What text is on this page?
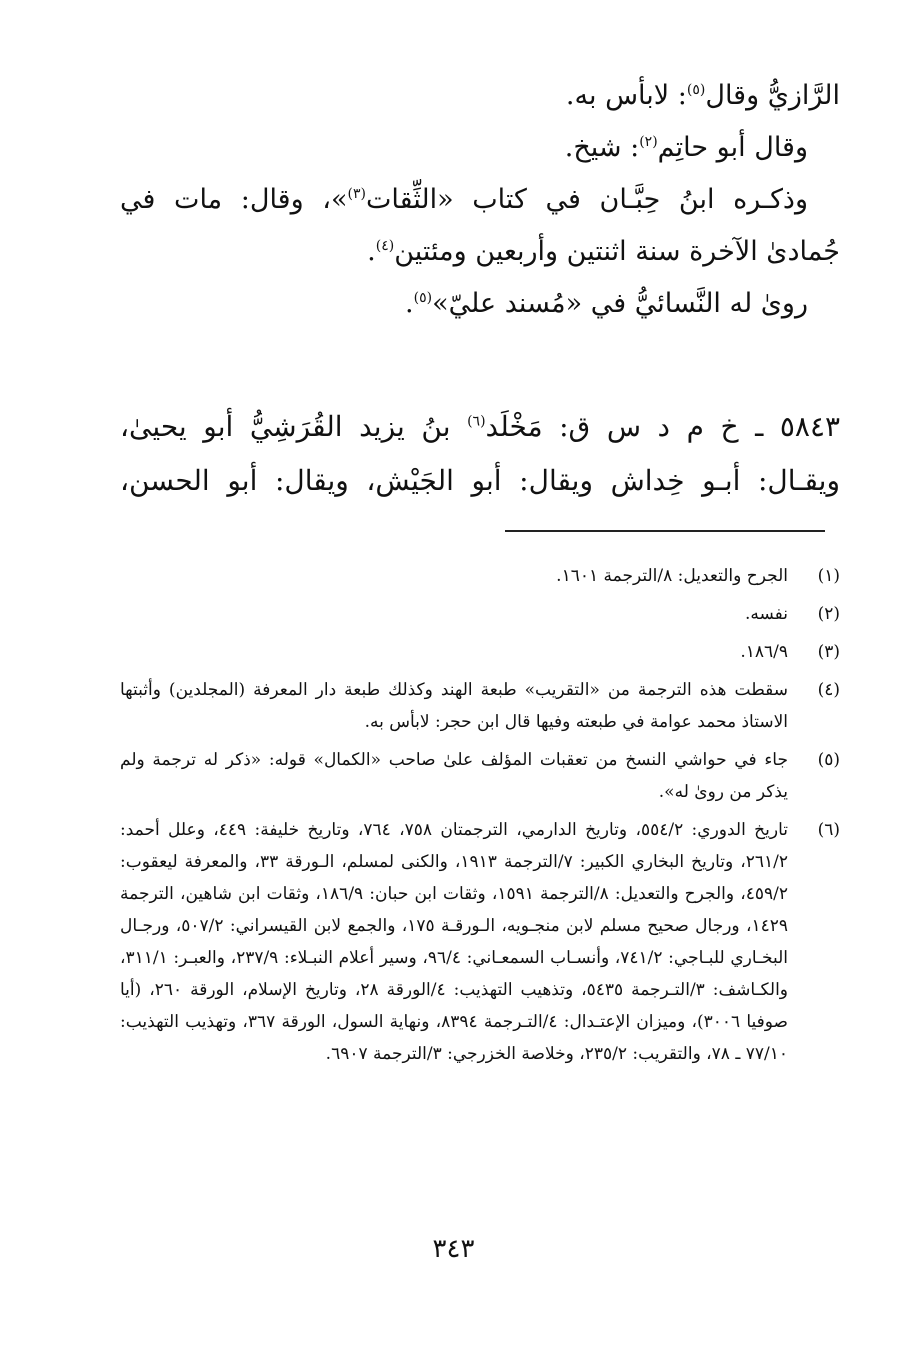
الرَّازيُّ وقال$^{(٥)}$: لابأس به.

وقال أبو حاتِم$^{(٢)}$: شيخ.

وذكـره ابنُ حِبَّـان في كتاب «الثِّقات$^{(٣)}$»، وقال: مات في

جُمادىٰ الآخرة سنة اثنتين وأربعين ومئتين$^{(٤)}$.

روىٰ له النَّسائيُّ في «مُسند عليّ»$^{(٥)}$.

٥٨٤٣ ـ خ م د س ق: مَخْلَد$^{(٦)}$ بنُ يزيد القُرَشِيُّ أبو يحيىٰ،

ويقـال: أبـو خِداش ويقال: أبو الجَيْش، ويقال: أبو الحسن،

(١)
الجرح والتعديل: ٨/الترجمة ١٦٠١.
(٢)
نفسه.
(٣)
١٨٦/٩.
(٤)
سقطت هذه الترجمة من «التقريب» طبعة الهند وكذلك طبعة دار المعرفة (المجلدين) وأثبتها الاستاذ محمد عوامة في طبعته وفيها قال ابن حجر: لابأس به.
(٥)
جاء في حواشي النسخ من تعقبات المؤلف علىٰ صاحب «الكمال» قوله: «ذكر له ترجمة ولم يذكر من روىٰ له».
(٦)
تاريخ الدوري: ٥٥٤/٢، وتاريخ الدارمي، الترجمتان ٧٥٨، ٧٦٤، وتاريخ خليفة: ٤٤٩، وعلل أحمد: ٢٦١/٢، وتاريخ البخاري الكبير: ٧/الترجمة ١٩١٣، والكنى لمسلم، الـورقة ٣٣، والمعرفة ليعقوب: ٤٥٩/٢، والجرح والتعديل: ٨/الترجمة ١٥٩١، وثقات ابن حبان: ١٨٦/٩، وثقات ابن شاهين، الترجمة ١٤٢٩، ورجال صحيح مسلم لابن منجـويه، الـورقـة ١٧٥، والجمع لابن القيسراني: ٥٠٧/٢، ورجـال البخـاري للبـاجي: ٧٤١/٢، وأنسـاب السمعـاني: ٩٦/٤، وسير أعلام النبـلاء: ٢٣٧/٩، والعبـر: ٣١١/١، والكـاشف: ٣/التـرجمة ٥٤٣٥، وتذهيب التهذيب: ٤/الورقة ٢٨، وتاريخ الإسلام، الورقة ٢٦٠، (أيا صوفيا ٣٠٠٦)، وميزان الإعتـدال: ٤/التـرجمة ٨٣٩٤، ونهاية السول، الورقة ٣٦٧، وتهذيب التهذيب: ٧٧/١٠ ـ ٧٨، والتقريب: ٢٣٥/٢، وخلاصة الخزرجي: ٣/الترجمة ٦٩٠٧.
٣٤٣
